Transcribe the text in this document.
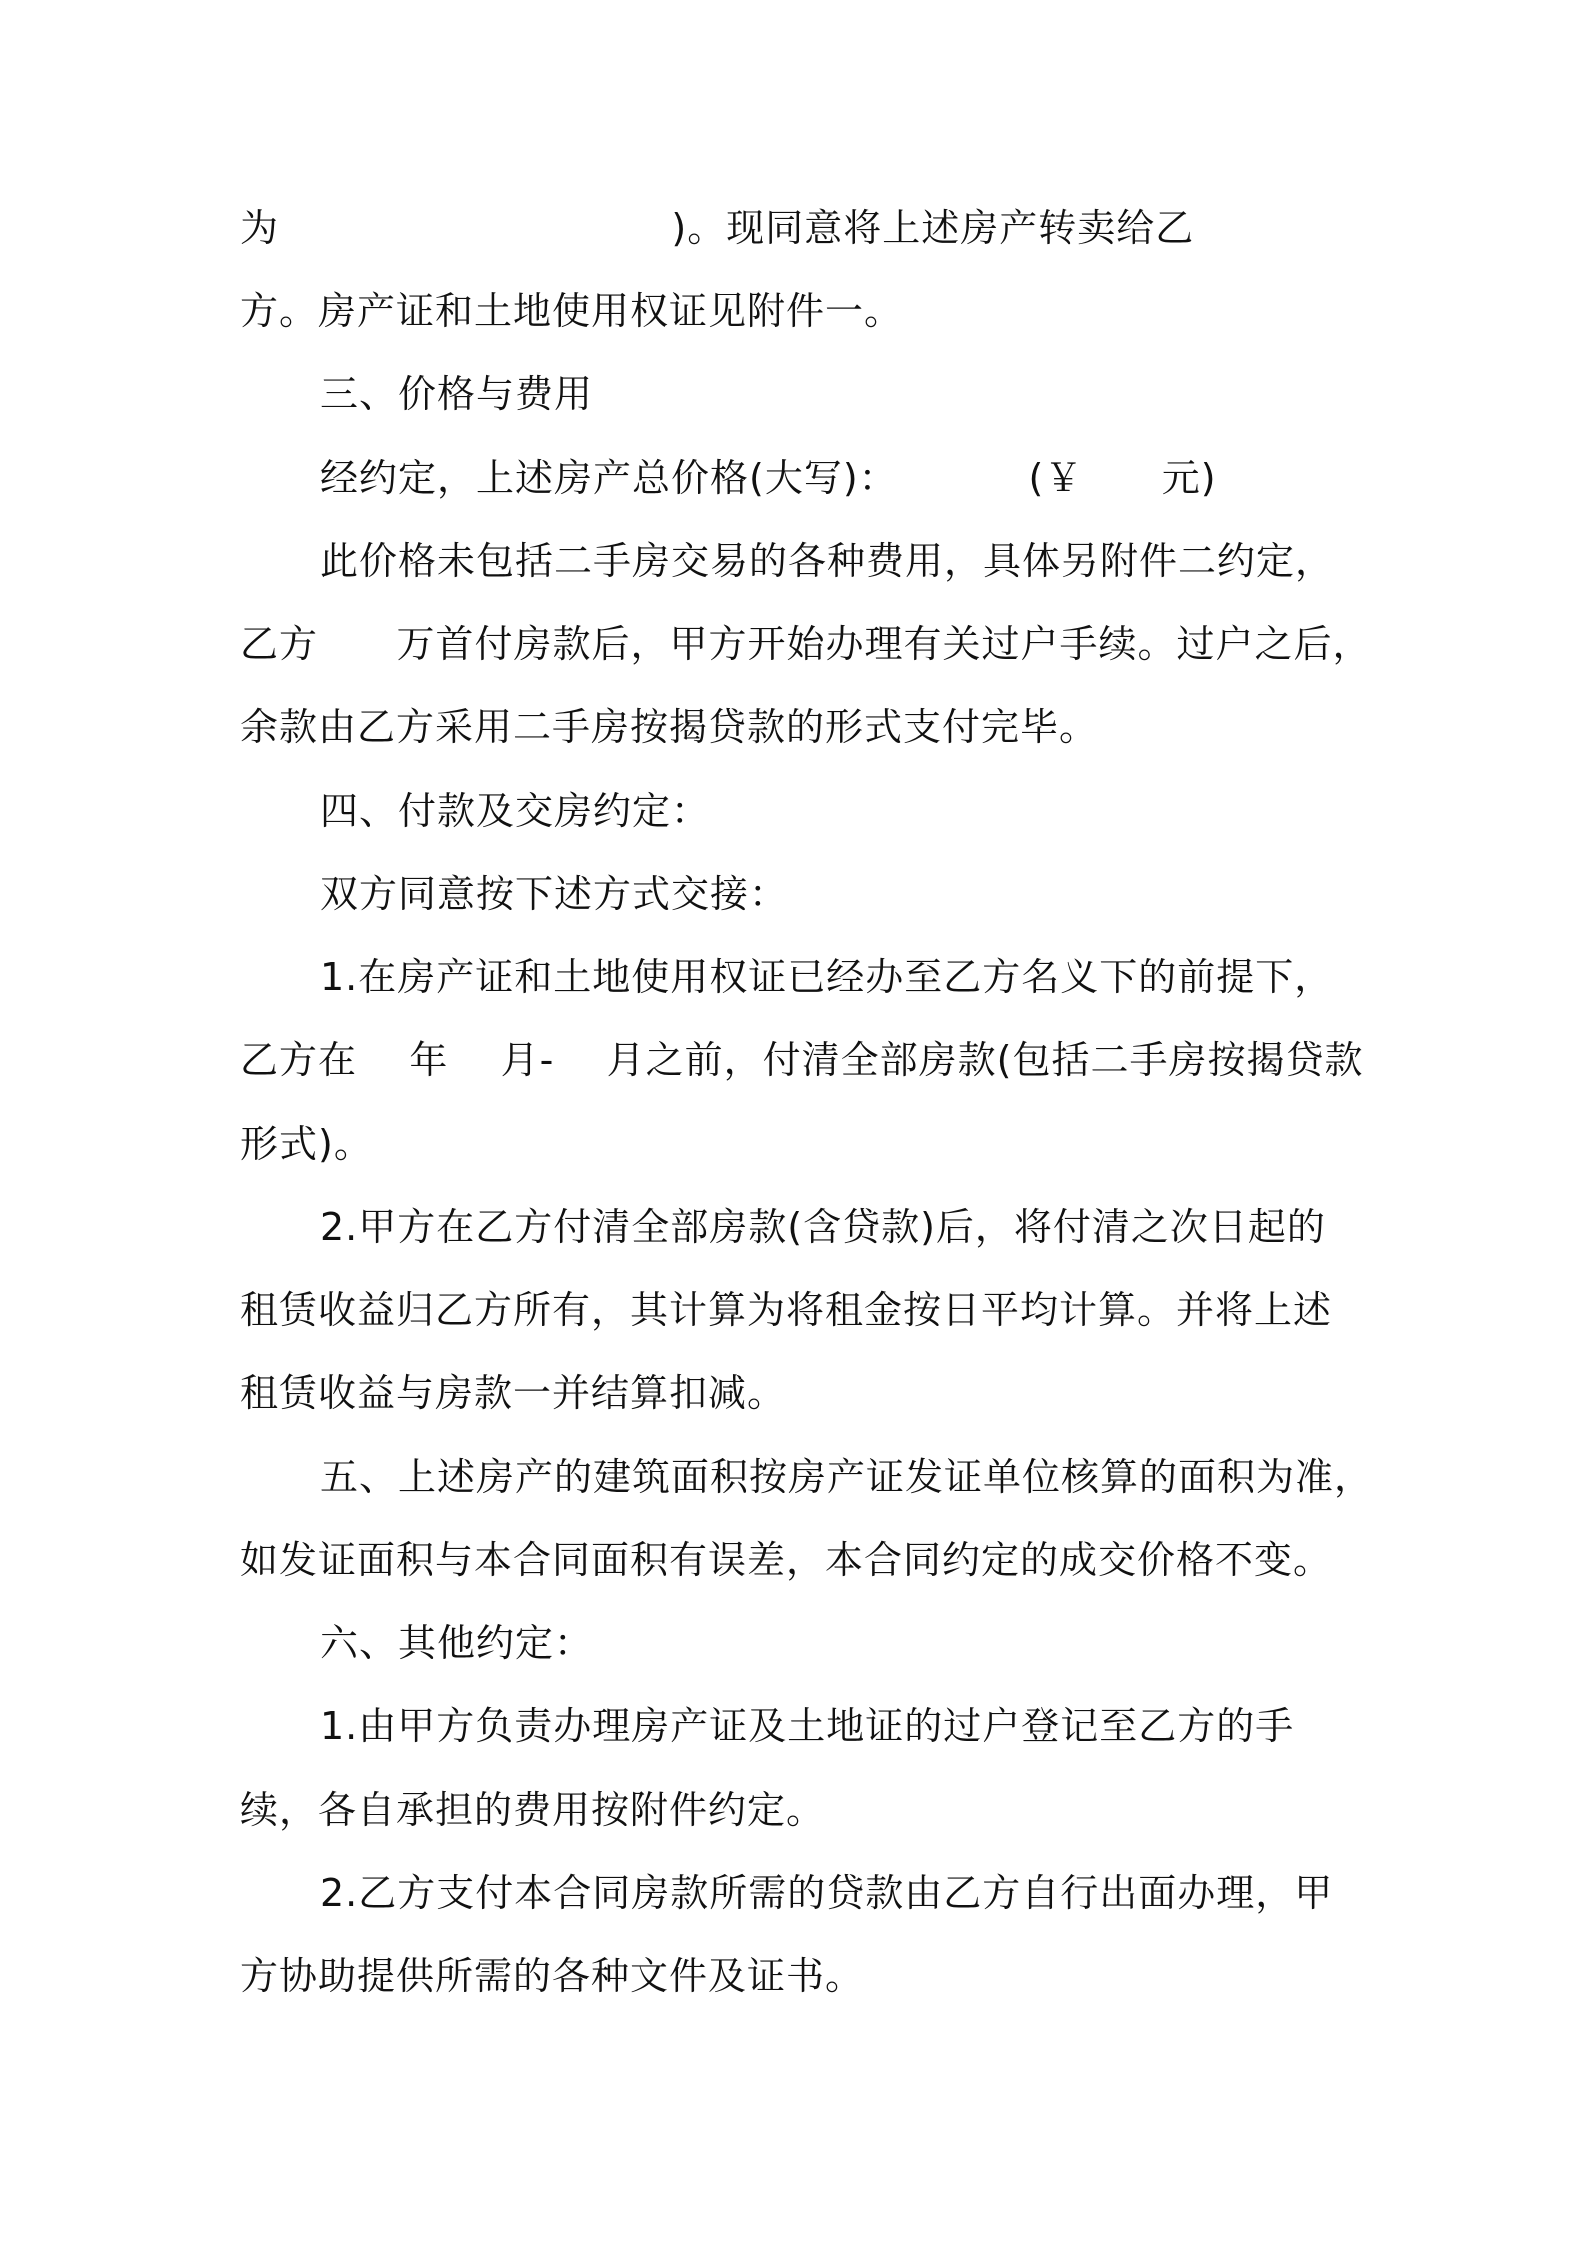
为                              )。现同意将上述房产转卖给乙
方。房产证和土地使用权证见附件一。
三、价格与费用
经约定，上述房产总价格(大写)：          (￥      元)
此价格未包括二手房交易的各种费用，具体另附件二约定，
乙方      万首付房款后，甲方开始办理有关过户手续。过户之后，
余款由乙方采用二手房按揭贷款的形式支付完毕。
四、付款及交房约定：
双方同意按下述方式交接：
1.在房产证和土地使用权证已经办至乙方名义下的前提下，
乙方在    年    月-    月之前，付清全部房款(包括二手房按揭贷款
形式)。
2.甲方在乙方付清全部房款(含贷款)后，将付清之次日起的
租赁收益归乙方所有，其计算为将租金按日平均计算。并将上述
租赁收益与房款一并结算扣减。
五、上述房产的建筑面积按房产证发证单位核算的面积为准，
如发证面积与本合同面积有误差，本合同约定的成交价格不变。
六、其他约定：
1.由甲方负责办理房产证及土地证的过户登记至乙方的手
续，各自承担的费用按附件约定。
2.乙方支付本合同房款所需的贷款由乙方自行出面办理，甲
方协助提供所需的各种文件及证书。
